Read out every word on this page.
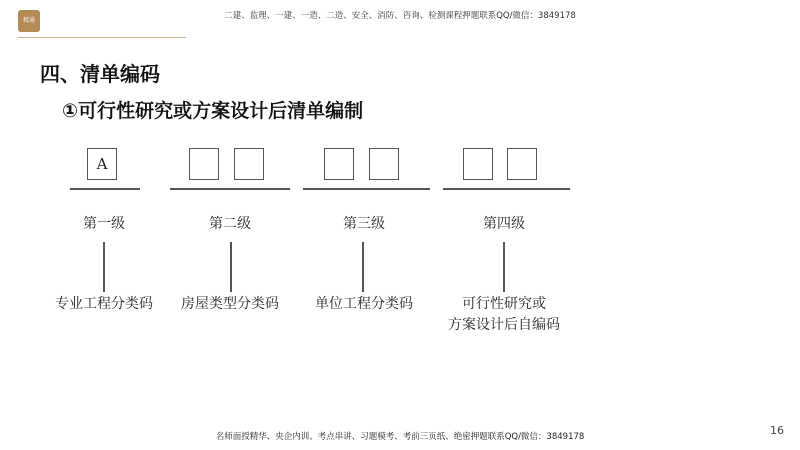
精通	二建、监理、一建、一造、二造、安全、消防、咨询、检测课程押题联系QQ/微信：3849178
四、清单编码
①可行性研究或方案设计后清单编制
A
第一级
专业工程分类码
第二级
房屋类型分类码
第三级
单位工程分类码
第四级
可行性研究或
方案设计后自编码
名师面授精华、央企内训、考点串讲、习题模考、考前三页纸、绝密押题联系QQ/微信：3849178	16
